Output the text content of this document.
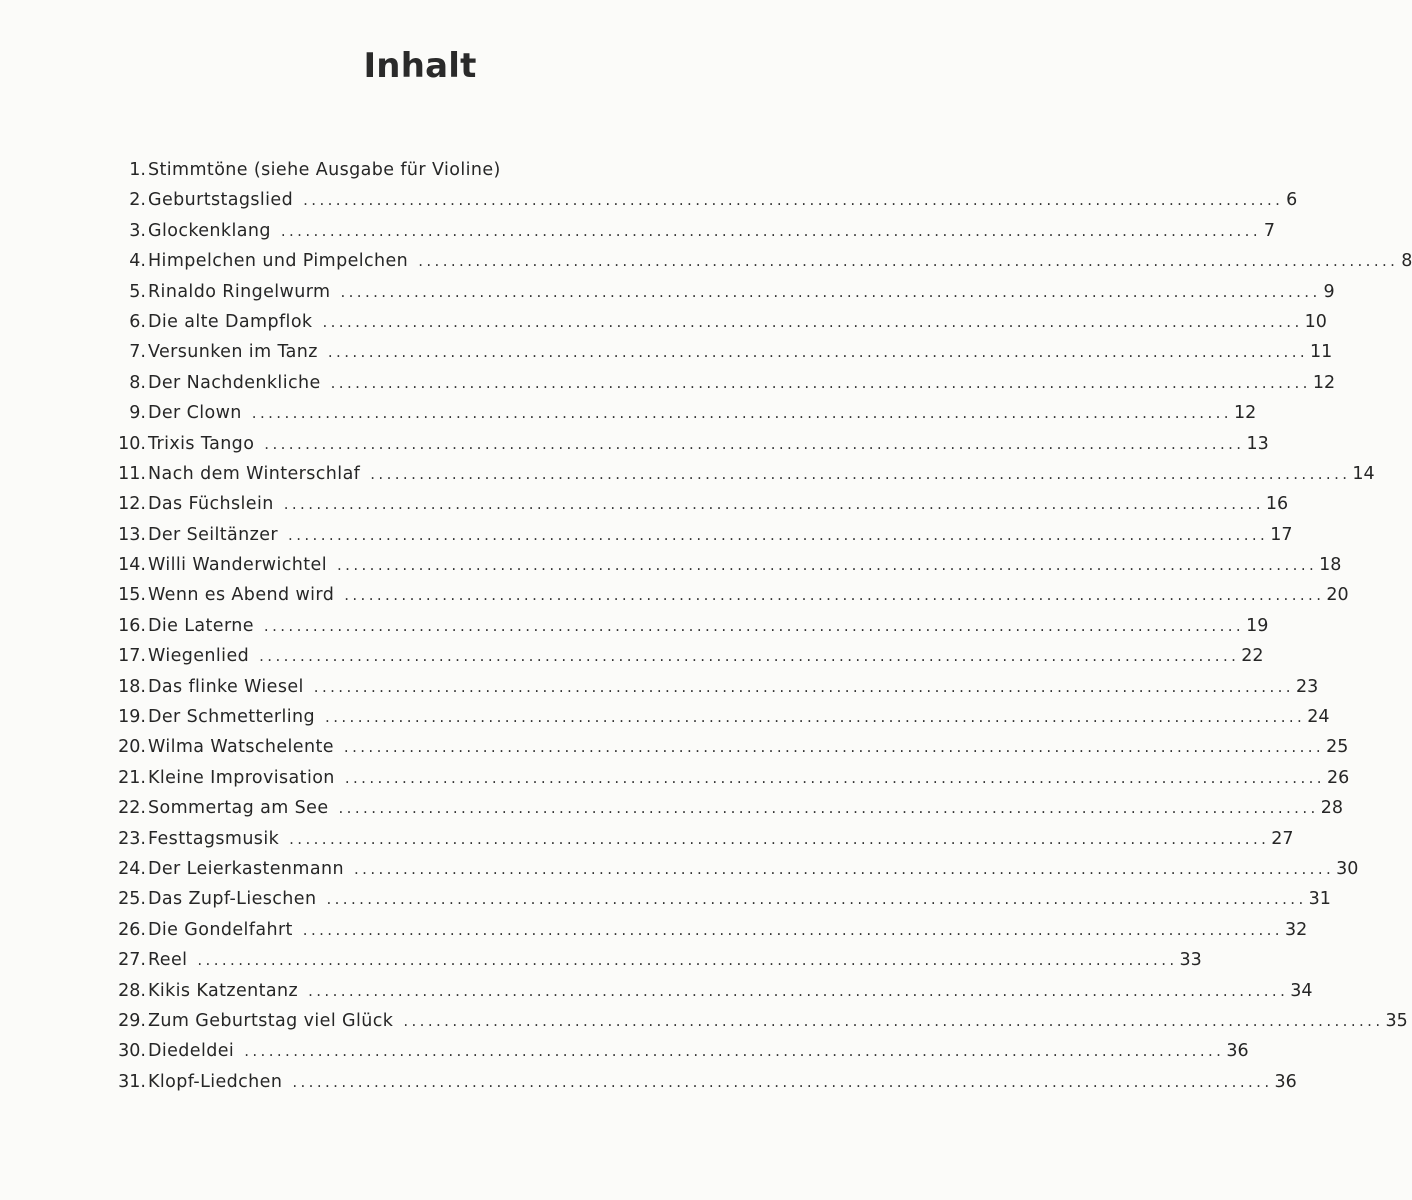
Inhalt
1. Stimmtöne (siehe Ausgabe für Violine)
2. Geburtstagslied ........................................................................................................................ 6
3. Glockenklang ........................................................................................................................ 7
4. Himpelchen und Pimpelchen ........................................................................................................................ 8
5. Rinaldo Ringelwurm ........................................................................................................................ 9
6. Die alte Dampflok ........................................................................................................................ 10
7. Versunken im Tanz ........................................................................................................................ 11
8. Der Nachdenkliche ........................................................................................................................ 12
9. Der Clown ........................................................................................................................ 12
10. Trixis Tango ........................................................................................................................ 13
11. Nach dem Winterschlaf ........................................................................................................................ 14
12. Das Füchslein ........................................................................................................................ 16
13. Der Seiltänzer ........................................................................................................................ 17
14. Willi Wanderwichtel ........................................................................................................................ 18
15. Wenn es Abend wird ........................................................................................................................ 20
16. Die Laterne ........................................................................................................................ 19
17. Wiegenlied ........................................................................................................................ 22
18. Das flinke Wiesel ........................................................................................................................ 23
19. Der Schmetterling ........................................................................................................................ 24
20. Wilma Watschelente ........................................................................................................................ 25
21. Kleine Improvisation ........................................................................................................................ 26
22. Sommertag am See ........................................................................................................................ 28
23. Festtagsmusik ........................................................................................................................ 27
24. Der Leierkastenmann ........................................................................................................................ 30
25. Das Zupf-Lieschen ........................................................................................................................ 31
26. Die Gondelfahrt ........................................................................................................................ 32
27. Reel ........................................................................................................................ 33
28. Kikis Katzentanz ........................................................................................................................ 34
29. Zum Geburtstag viel Glück ........................................................................................................................ 35
30. Diedeldei ........................................................................................................................ 36
31. Klopf-Liedchen ........................................................................................................................ 36
